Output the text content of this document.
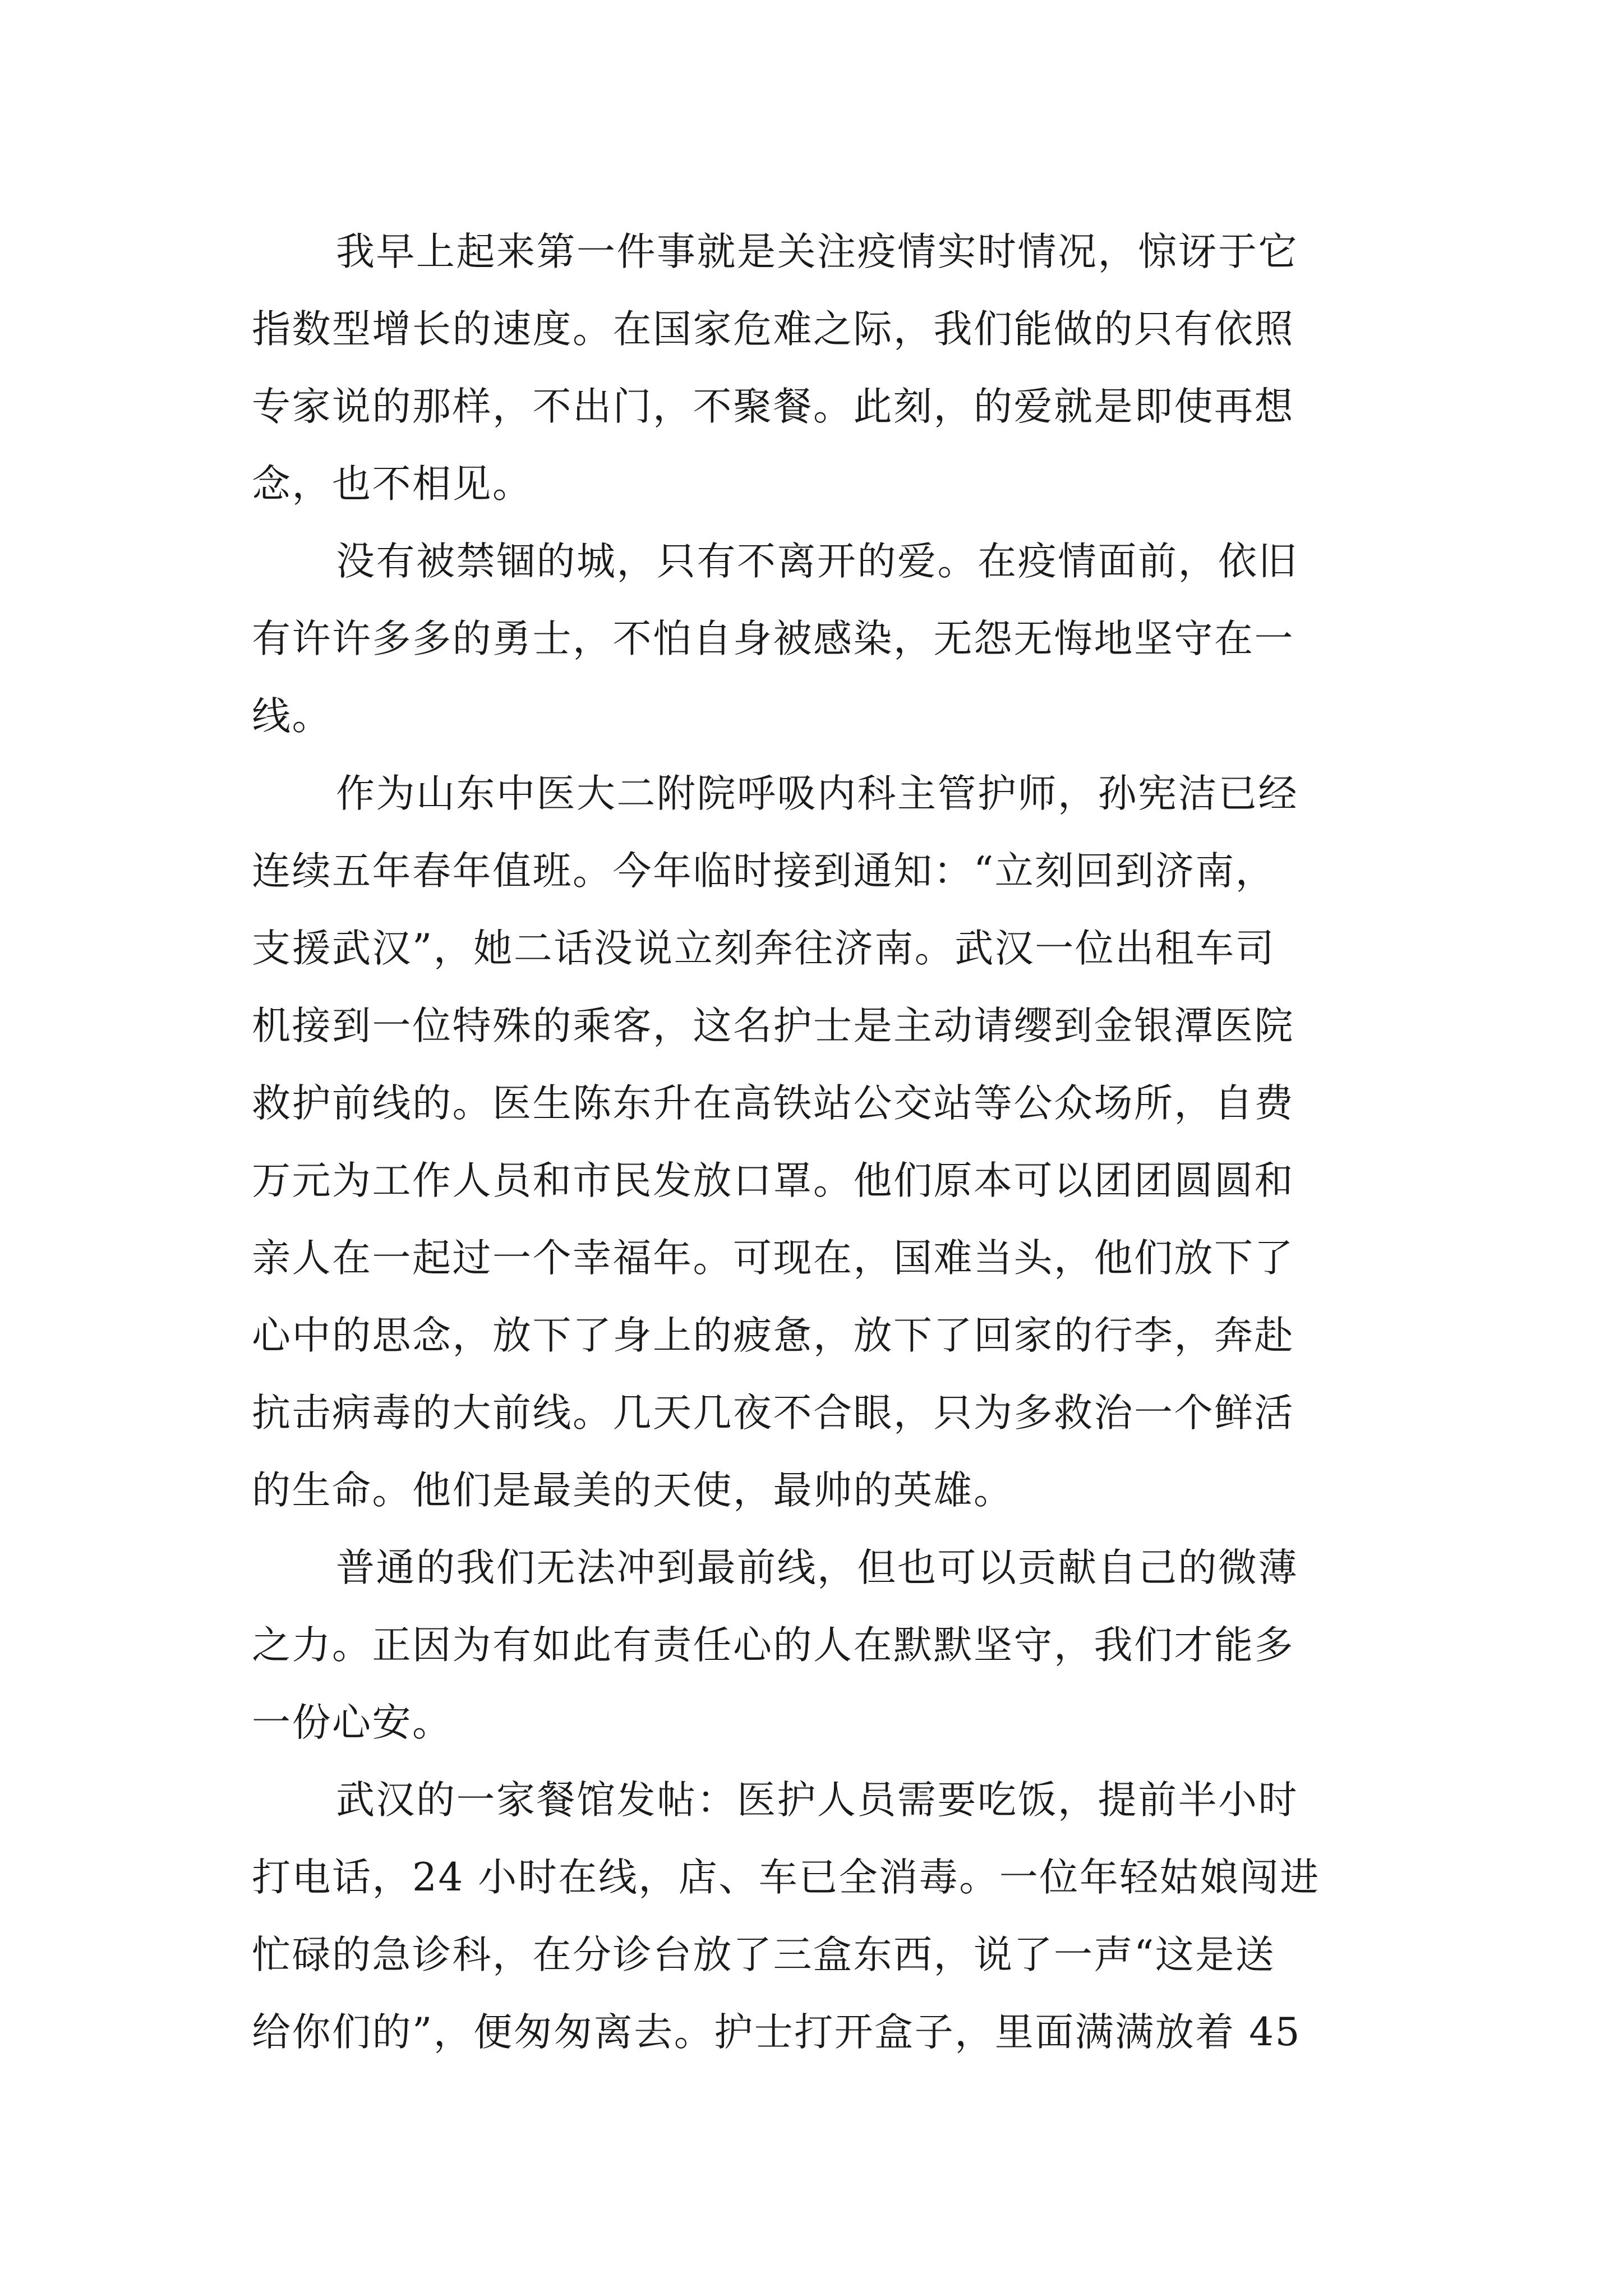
我早上起来第一件事就是关注疫情实时情况，惊讶于它
指数型增长的速度。在国家危难之际，我们能做的只有依照
专家说的那样，不出门，不聚餐。此刻，的爱就是即使再想
念，也不相见。
没有被禁锢的城，只有不离开的爱。在疫情面前，依旧
有许许多多的勇士，不怕自身被感染，无怨无悔地坚守在一
线。
作为山东中医大二附院呼吸内科主管护师，孙宪洁已经
连续五年春年值班。今年临时接到通知：“立刻回到济南，
支援武汉”，她二话没说立刻奔往济南。武汉一位出租车司
机接到一位特殊的乘客，这名护士是主动请缨到金银潭医院
救护前线的。医生陈东升在高铁站公交站等公众场所，自费
万元为工作人员和市民发放口罩。他们原本可以团团圆圆和
亲人在一起过一个幸福年。可现在，国难当头，他们放下了
心中的思念，放下了身上的疲惫，放下了回家的行李，奔赴
抗击病毒的大前线。几天几夜不合眼，只为多救治一个鲜活
的生命。他们是最美的天使，最帅的英雄。
普通的我们无法冲到最前线，但也可以贡献自己的微薄
之力。正因为有如此有责任心的人在默默坚守，我们才能多
一份心安。
武汉的一家餐馆发帖：医护人员需要吃饭，提前半小时
打电话，24 小时在线，店、车已全消毒。一位年轻姑娘闯进
忙碌的急诊科，在分诊台放了三盒东西，说了一声“这是送
给你们的”，便匆匆离去。护士打开盒子，里面满满放着 45
